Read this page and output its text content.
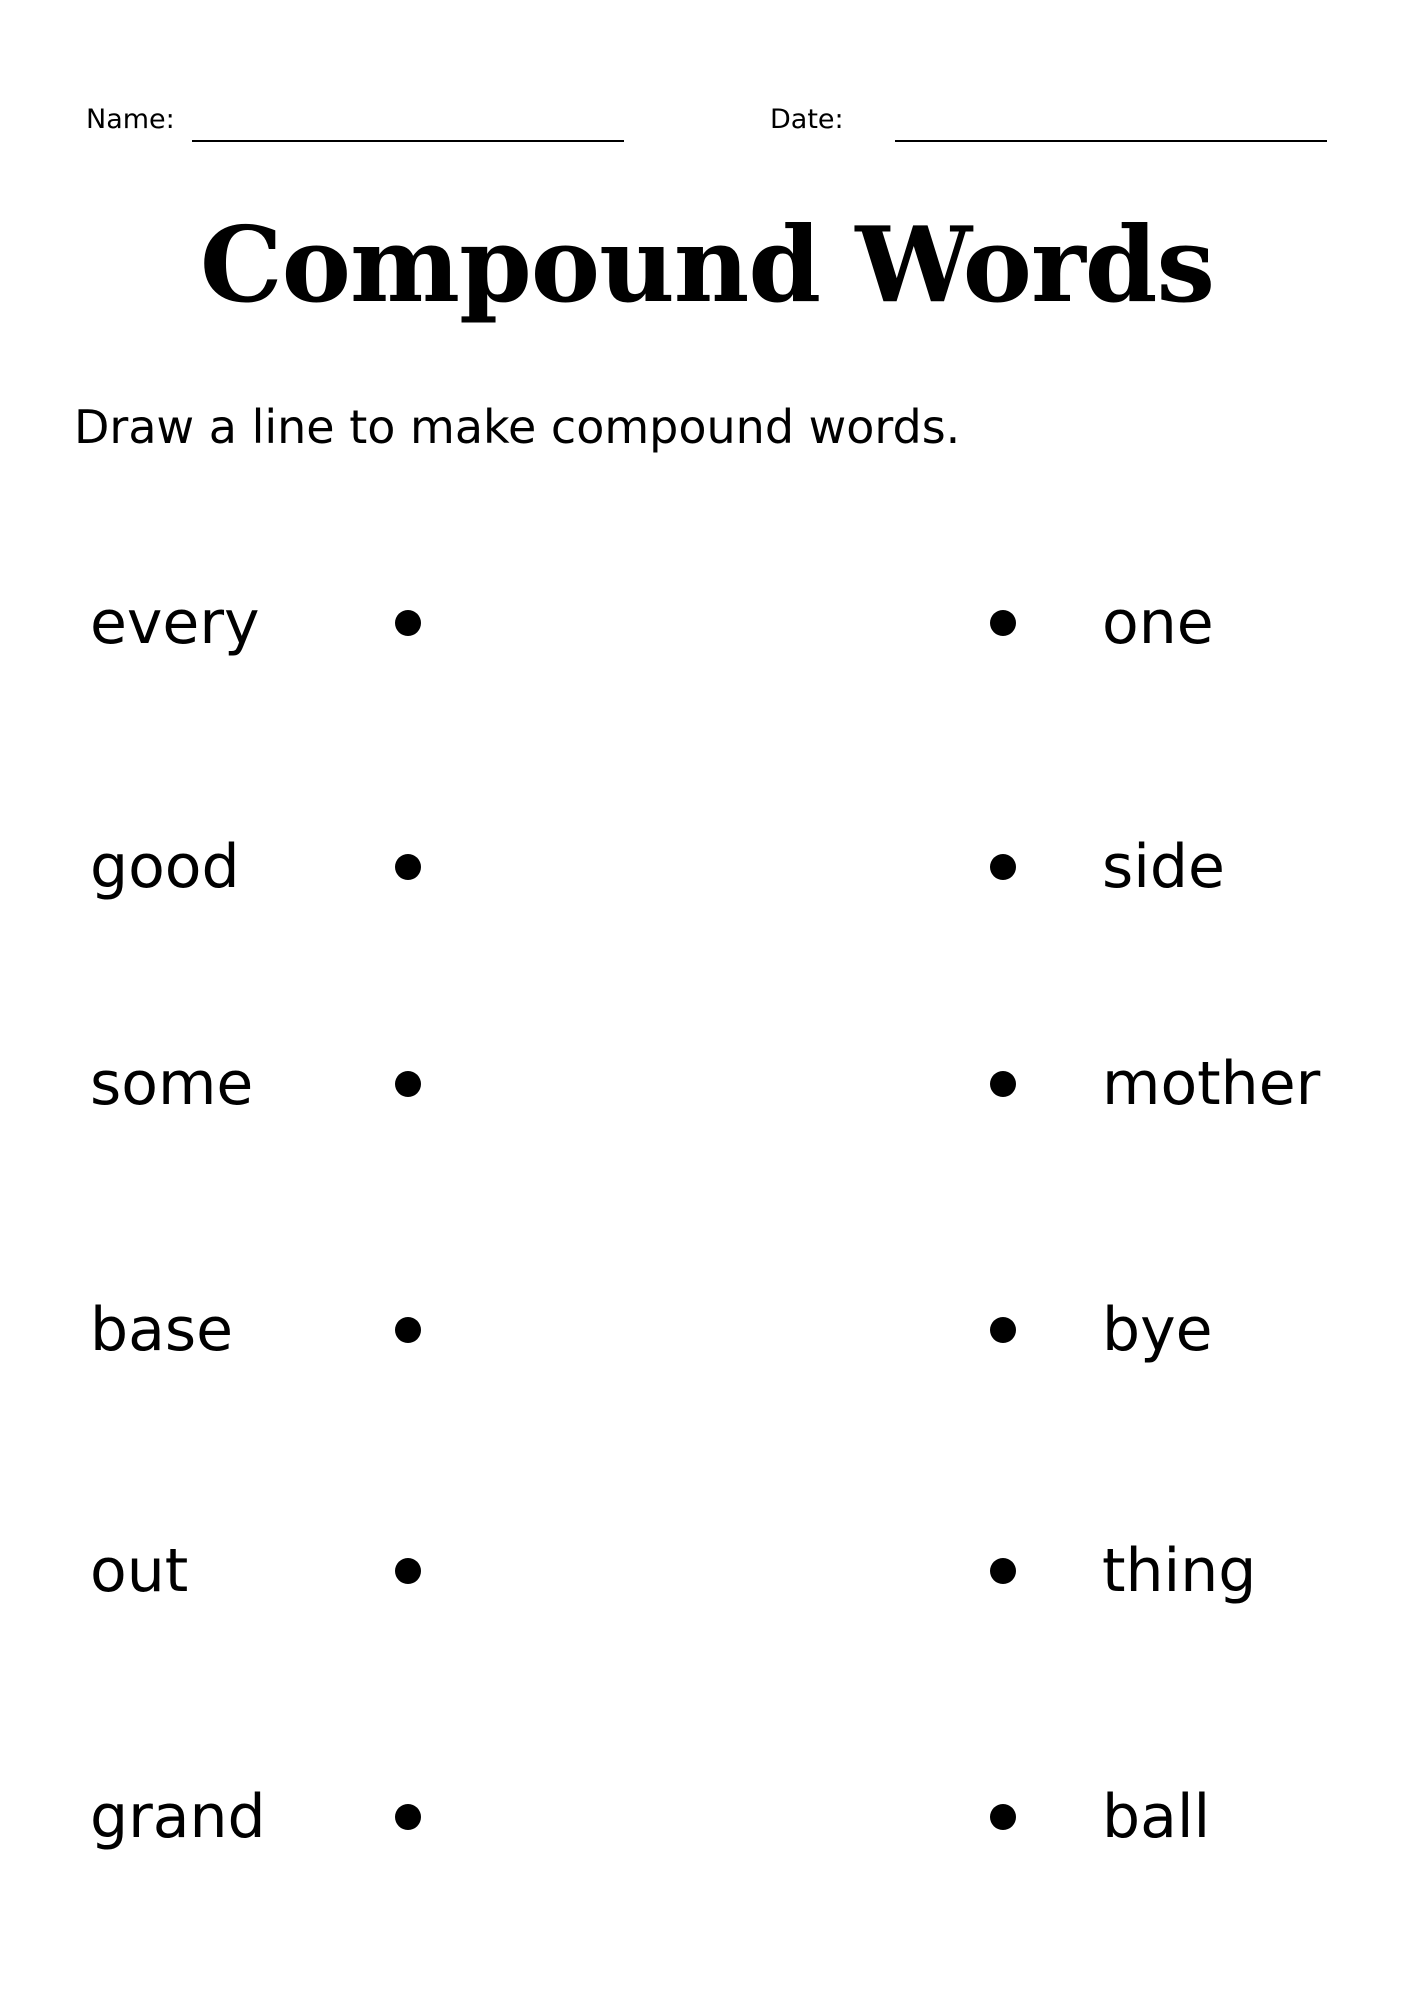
Name:	Date:
Compound Words

Draw a line to make compound words.

every	one
good	side
some	mother
base	bye
out	thing
grand	ball
